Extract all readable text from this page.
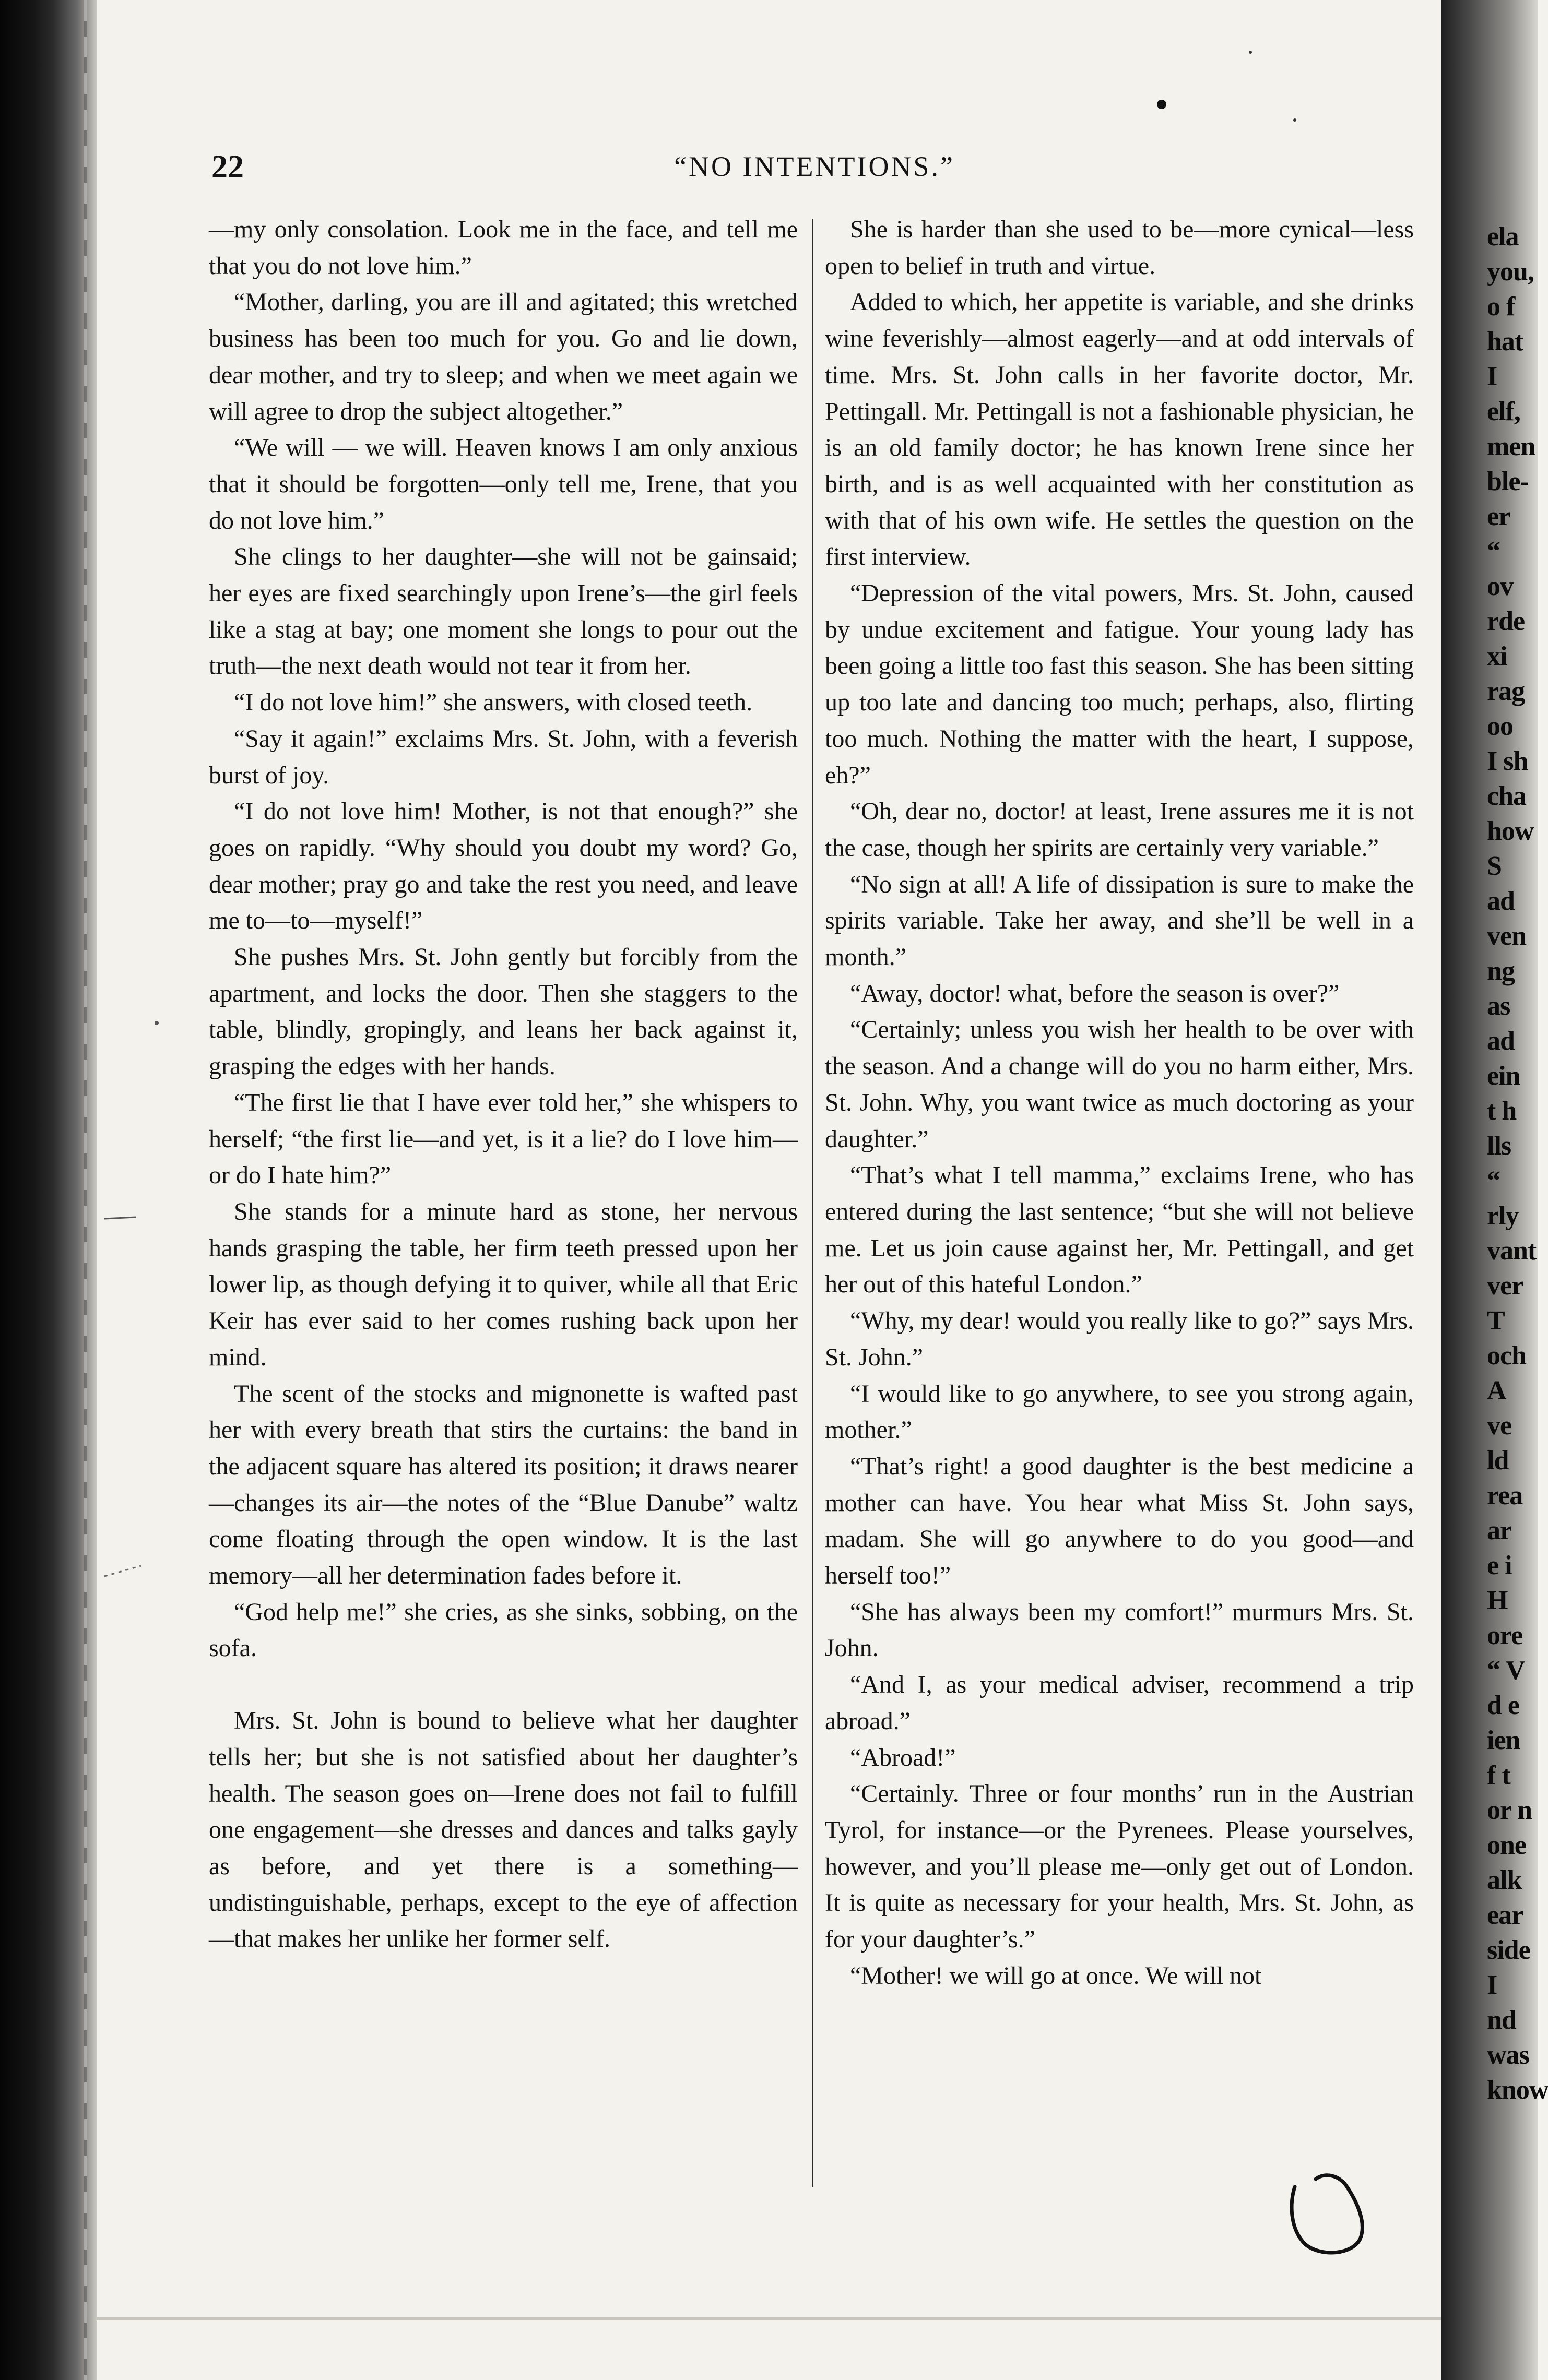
ela
you,
o f
hat
I
elf,
men
ble-
er
“
ov
rde
xi
rag
oo
I sh
cha
how
S
ad
ven
ng
as
ad
ein
t h
lls
“
rly
vant
ver
T
och
A
ve
ld
rea
ar
e i
H
ore
“ V
d e
ien
f t
or n
one
alk
ear
side
I
nd
was
know
22	“NO INTENTIONS.”

—my only consolation. Look me in the face, and tell me that you do not love him.”

“Mother, darling, you are ill and agitated; this wretched business has been too much for you. Go and lie down, dear mother, and try to sleep; and when we meet again we will agree to drop the subject altogether.”

“We will — we will. Heaven knows I am only anxious that it should be forgotten—only tell me, Irene, that you do not love him.”

She clings to her daughter—she will not be gainsaid; her eyes are fixed searchingly upon Irene’s—the girl feels like a stag at bay; one moment she longs to pour out the truth—the next death would not tear it from her.

“I do not love him!” she answers, with closed teeth.

“Say it again!” exclaims Mrs. St. John, with a feverish burst of joy.

“I do not love him! Mother, is not that enough?” she goes on rapidly. “Why should you doubt my word? Go, dear mother; pray go and take the rest you need, and leave me to—to—myself!”

She pushes Mrs. St. John gently but forcibly from the apartment, and locks the door. Then she staggers to the table, blindly, gropingly, and leans her back against it, grasping the edges with her hands.

“The first lie that I have ever told her,” she whispers to herself; “the first lie—and yet, is it a lie? do I love him—or do I hate him?”

She stands for a minute hard as stone, her nervous hands grasping the table, her firm teeth pressed upon her lower lip, as though defying it to quiver, while all that Eric Keir has ever said to her comes rushing back upon her mind.

The scent of the stocks and mignonette is wafted past her with every breath that stirs the curtains: the band in the adjacent square has altered its position; it draws nearer—changes its air—the notes of the “Blue Danube” waltz come floating through the open window. It is the last memory—all her determination fades before it.

“God help me!” she cries, as she sinks, sobbing, on the sofa.

Mrs. St. John is bound to believe what her daughter tells her; but she is not satisfied about her daughter’s health. The season goes on—Irene does not fail to fulfill one engagement—she dresses and dances and talks gayly as before, and yet there is a something—undistinguishable, perhaps, except to the eye of affection—that makes her unlike her former self.

She is harder than she used to be—more cynical—less open to belief in truth and virtue.

Added to which, her appetite is variable, and she drinks wine feverishly—almost eagerly—and at odd intervals of time. Mrs. St. John calls in her favorite doctor, Mr. Pettingall. Mr. Pettingall is not a fashionable physician, he is an old family doctor; he has known Irene since her birth, and is as well acquainted with her constitution as with that of his own wife. He settles the question on the first interview.

“Depression of the vital powers, Mrs. St. John, caused by undue excitement and fatigue. Your young lady has been going a little too fast this season. She has been sitting up too late and dancing too much; perhaps, also, flirting too much. Nothing the matter with the heart, I suppose, eh?”

“Oh, dear no, doctor! at least, Irene assures me it is not the case, though her spirits are certainly very variable.”

“No sign at all! A life of dissipation is sure to make the spirits variable. Take her away, and she’ll be well in a month.”

“Away, doctor! what, before the season is over?”

“Certainly; unless you wish her health to be over with the season. And a change will do you no harm either, Mrs. St. John. Why, you want twice as much doctoring as your daughter.”

“That’s what I tell mamma,” exclaims Irene, who has entered during the last sentence; “but she will not believe me. Let us join cause against her, Mr. Pettingall, and get her out of this hateful London.”

“Why, my dear! would you really like to go?” says Mrs. St. John.”

“I would like to go anywhere, to see you strong again, mother.”

“That’s right! a good daughter is the best medicine a mother can have. You hear what Miss St. John says, madam. She will go anywhere to do you good—and herself too!”

“She has always been my comfort!” murmurs Mrs. St. John.

“And I, as your medical adviser, recommend a trip abroad.”

“Abroad!”

“Certainly. Three or four months’ run in the Austrian Tyrol, for instance—or the Pyrenees. Please yourselves, however, and you’ll please me—only get out of London. It is quite as necessary for your health, Mrs. St. John, as for your daughter’s.”

“Mother! we will go at once. We will not
